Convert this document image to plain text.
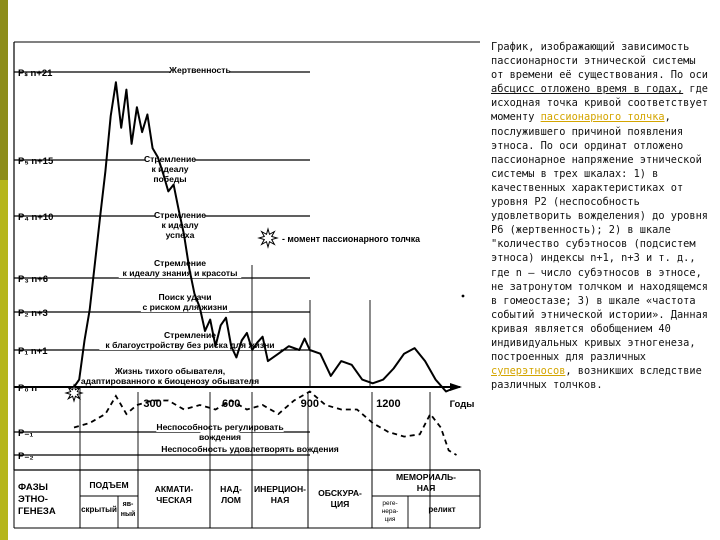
Pₛ n+21
P₅ n+15
P₄ n+10
P₃ n+6
P₂ n+3
P₁ n+1
P₀ n
P₋₁
P₋₂
Жертвенность
Стремление
к идеалу
победы
Стремление
к идеалу
успеха
Стремление
к идеалу знания и красоты
Поиск удачи
с риском для жизни
Стремление
к благоустройству без риска для жизни
Жизнь тихого обывателя,
адаптированного к биоценозу обывателя
Неспособность регулировать
вождения
Неспособность удовлетворять вождения
300	600	900	1200	Годы
- момент пассионарного толчка
ФАЗЫ
ЭТНО-
ГЕНЕЗА
ПОДЪЕМ	АКМАТИ-
ЧЕСКАЯ
НАД-
ЛОМ
ИНЕРЦИОН-
НАЯ
ОБСКУРА-
ЦИЯ
МЕМОРИАЛЬ-
НАЯ
скрытый
яв-
ный
реге-
нера-
ция
реликт
График, изображающий зависимость пассионарности этнической системы от времени её существования. По оси абсцисс отложено время в годах, где исходная точка кривой соответствует моменту пассионарного толчка, послужившего причиной появления этноса. По оси ординат отложено пассионарное напряжение этнической системы в трех шкалах: 1) в качественных характеристиках от уровня Р2 (неспособность удовлетворить вожделения) до уровня Р6 (жертвенность); 2) в шкале "количество субэтносов (подсистем этноса) индексы n+1, n+3 и т. д., где n — число субэтносов в этносе, не затронутом толчком и находящемся в гомеостазе; 3) в шкале «частота событий этнической истории». Данная кривая является обобщением 40 индивидуальных кривых этногенеза, построенных для различных суперэтносов, возникших вследствие различных толчков.
